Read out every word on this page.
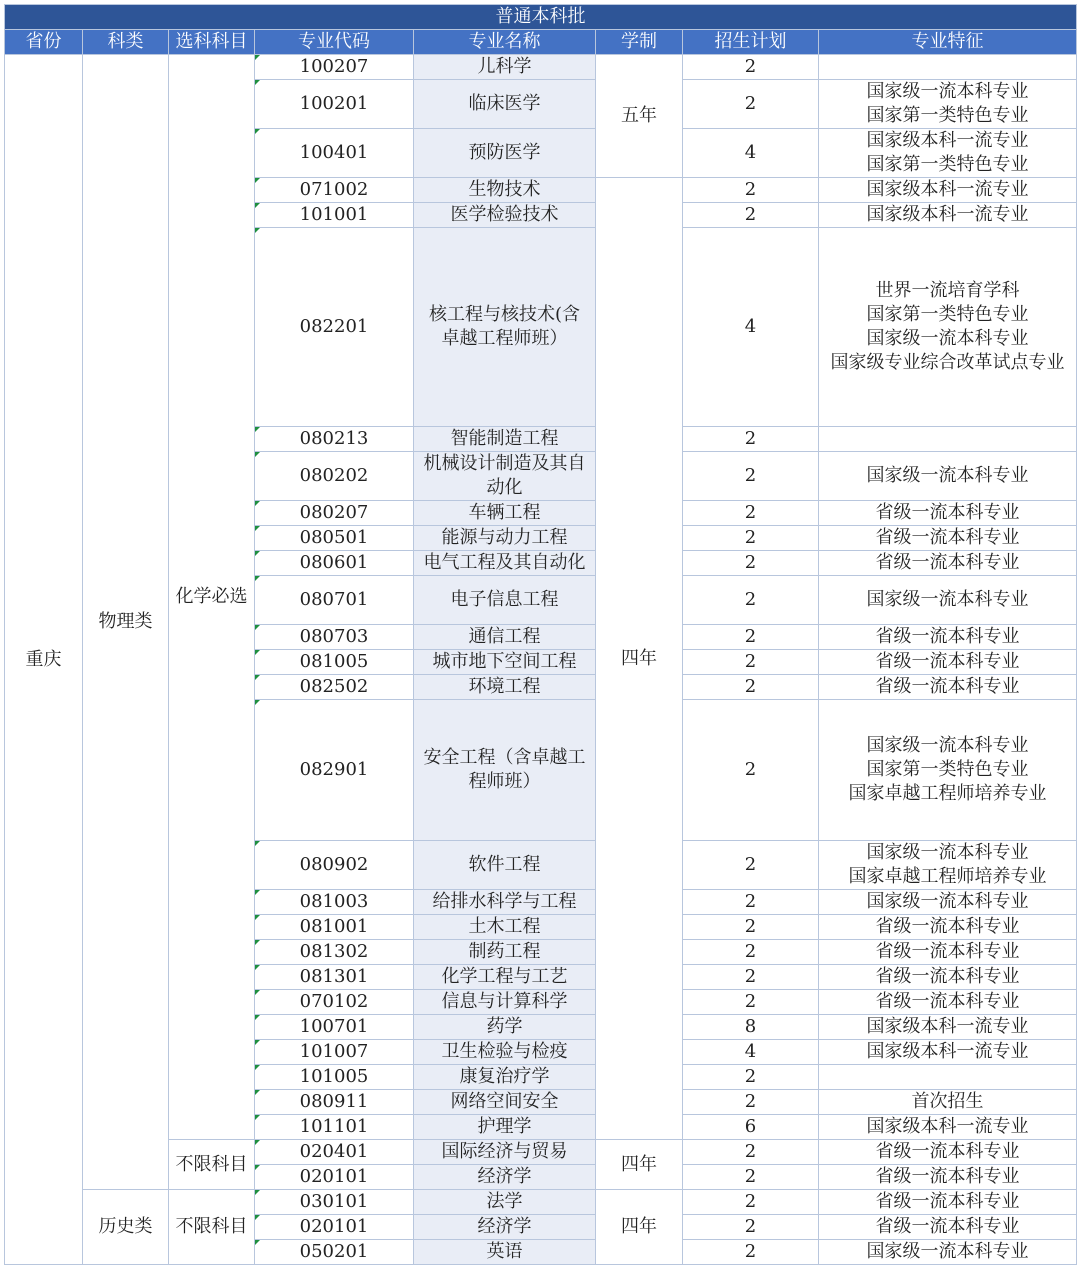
普通本科批							
省份	科类	选科科目	专业代码	专业名称	学制	招生计划	专业特征
重庆	物理类	化学必选	100207	儿科学	五年	2	
			100201	临床医学		2	国家级一流本科专业
国家第一类特色专业
			100401	预防医学		4	国家级本科一流专业
国家第一类特色专业
			071002	生物技术	四年	2	国家级本科一流专业
			101001	医学检验技术		2	国家级本科一流专业
			082201	核工程与核技术(含
卓越工程师班）		4	世界一流培育学科
国家第一类特色专业
国家级一流本科专业
国家级专业综合改革试点专业
			080213	智能制造工程		2	
			080202	机械设计制造及其自
动化		2	国家级一流本科专业
			080207	车辆工程		2	省级一流本科专业
			080501	能源与动力工程		2	省级一流本科专业
			080601	电气工程及其自动化		2	省级一流本科专业
			080701	电子信息工程		2	国家级一流本科专业
			080703	通信工程		2	省级一流本科专业
			081005	城市地下空间工程		2	省级一流本科专业
			082502	环境工程		2	省级一流本科专业
			082901	安全工程（含卓越工
程师班）		2	国家级一流本科专业
国家第一类特色专业
国家卓越工程师培养专业
			080902	软件工程		2	国家级一流本科专业
国家卓越工程师培养专业
			081003	给排水科学与工程		2	国家级一流本科专业
			081001	土木工程		2	省级一流本科专业
			081302	制药工程		2	省级一流本科专业
			081301	化学工程与工艺		2	省级一流本科专业
			070102	信息与计算科学		2	省级一流本科专业
			100701	药学		8	国家级本科一流专业
			101007	卫生检验与检疫		4	国家级本科一流专业
			101005	康复治疗学		2	
			080911	网络空间安全		2	首次招生
			101101	护理学		6	国家级本科一流专业
		不限科目	020401	国际经济与贸易	四年	2	省级一流本科专业
			020101	经济学		2	省级一流本科专业
	历史类	不限科目	030101	法学	四年	2	省级一流本科专业
			020101	经济学		2	省级一流本科专业
			050201	英语		2	国家级一流本科专业
